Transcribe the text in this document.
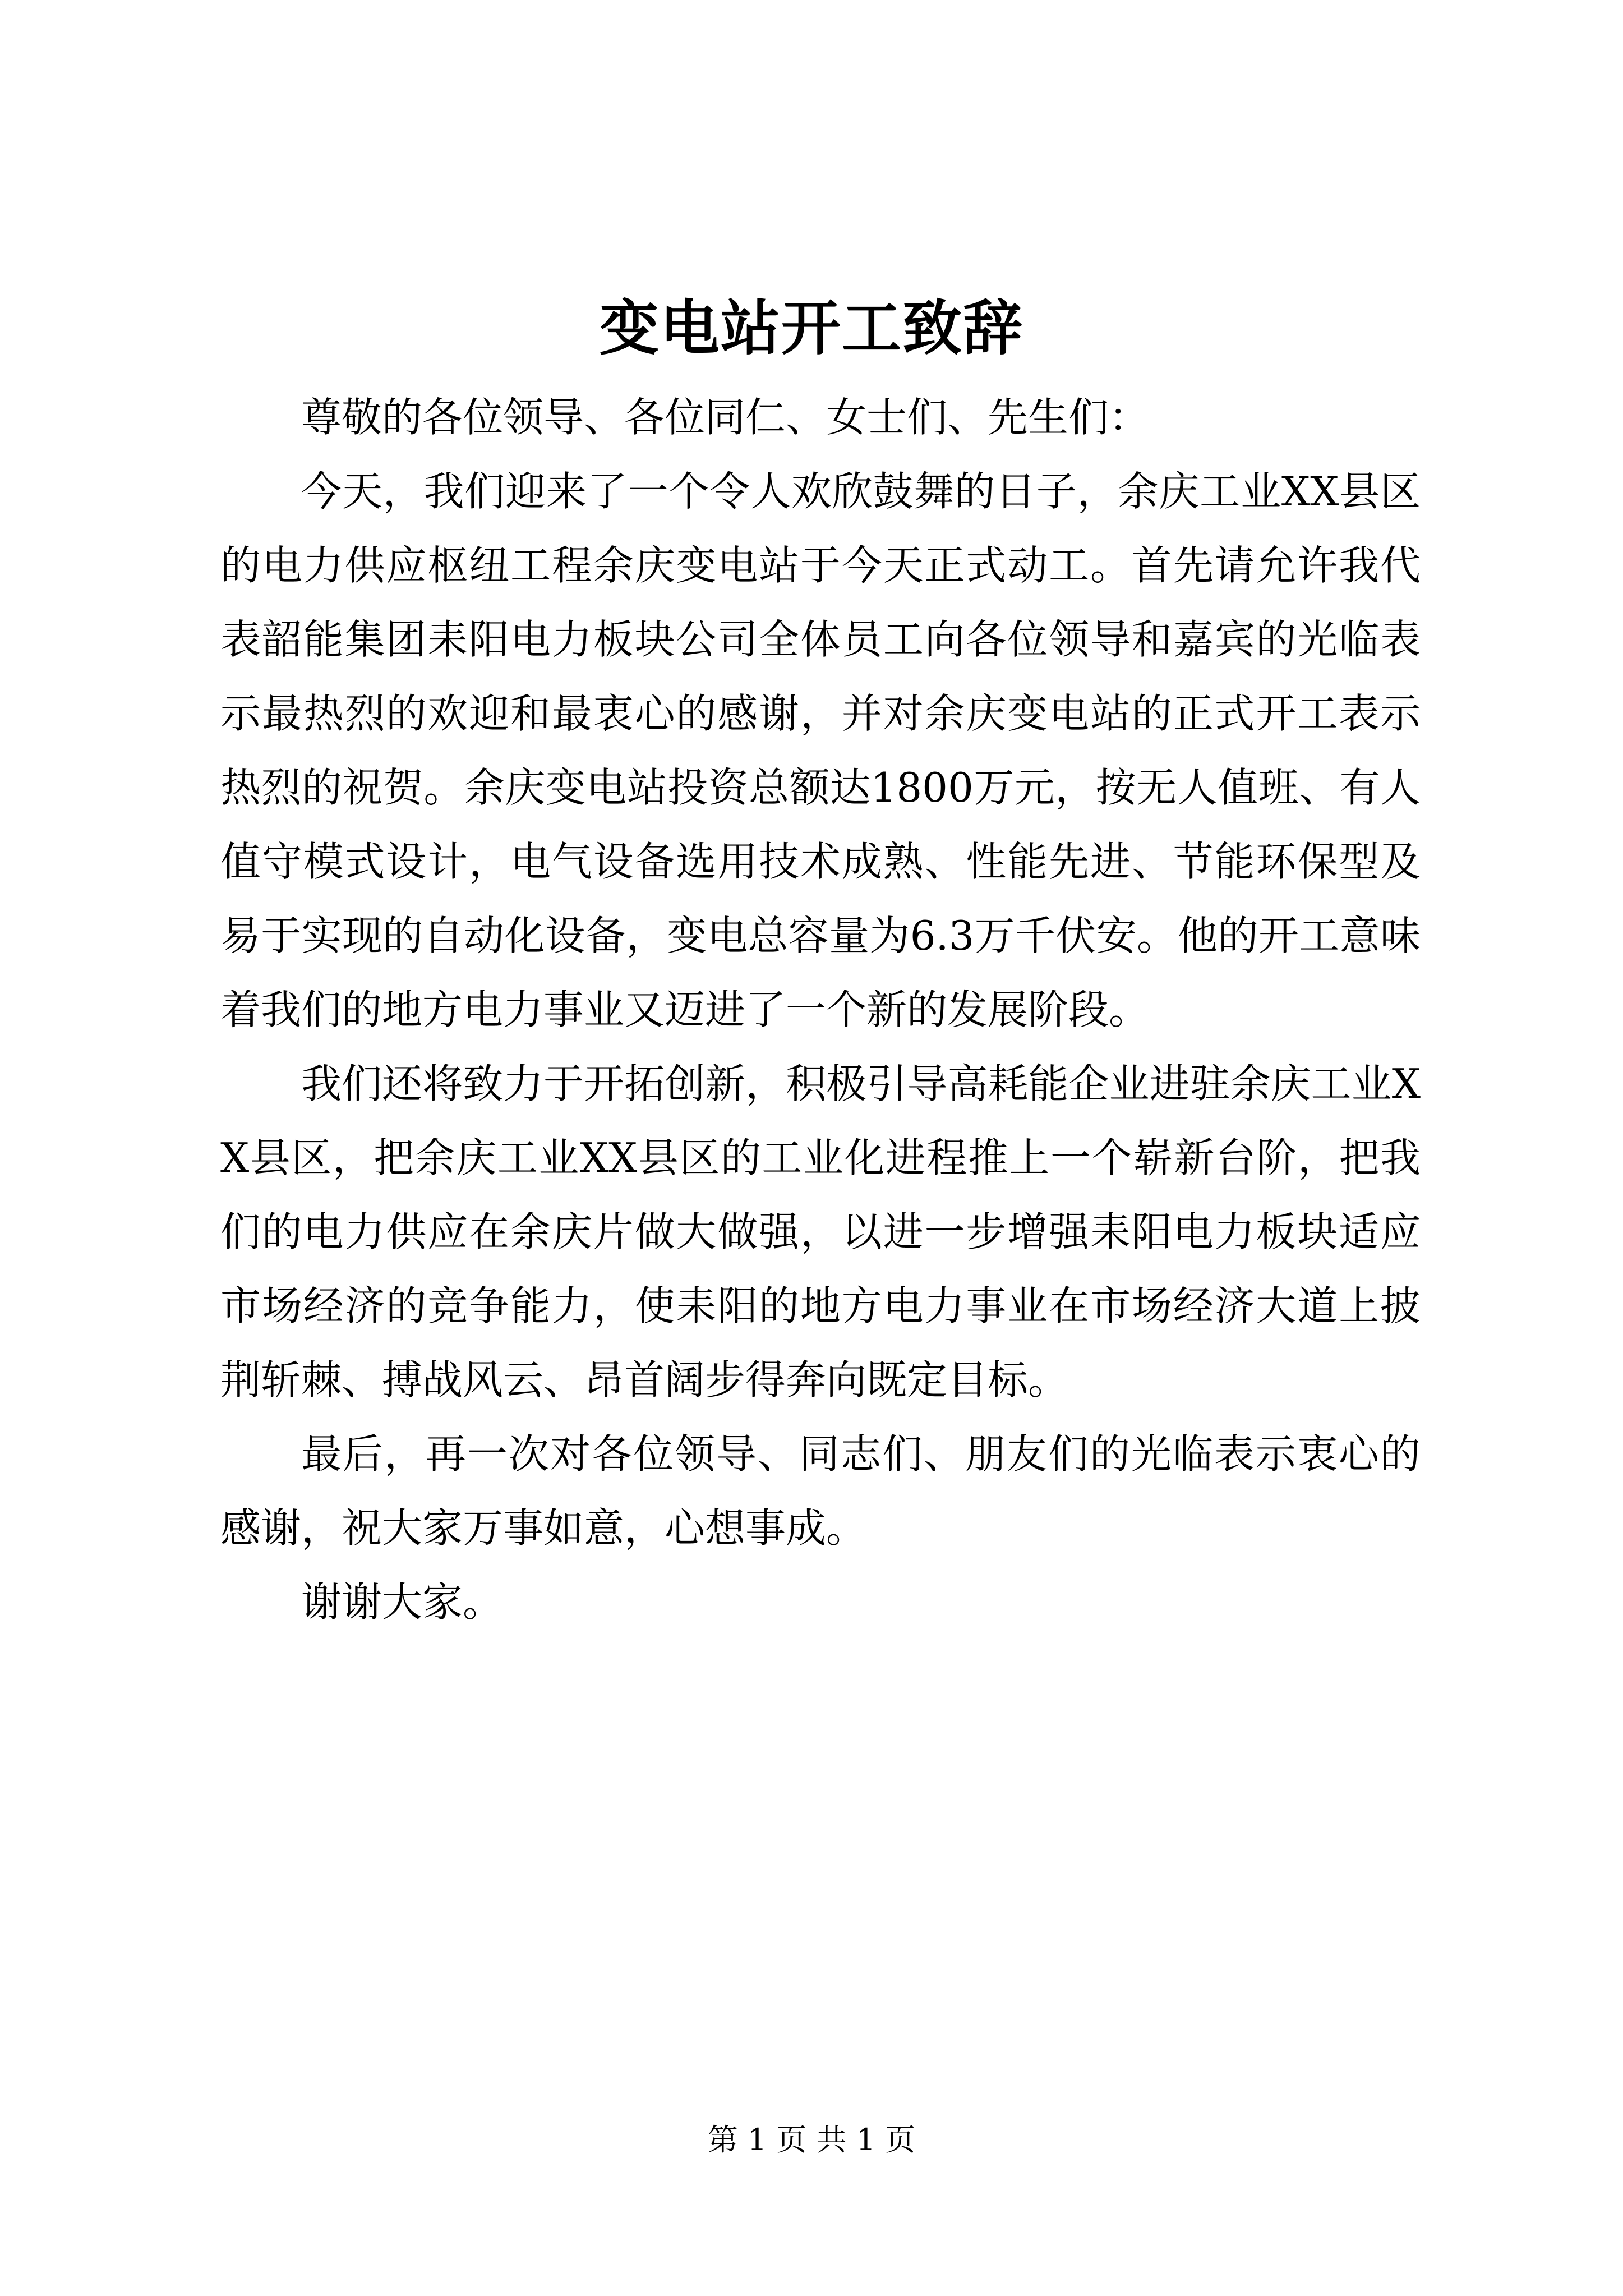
变电站开工致辞

尊敬的各位领导、各位同仁、女士们、先生们：

今天，我们迎来了一个令人欢欣鼓舞的日子，余庆工业XX县区的电力供应枢纽工程余庆变电站于今天正式动工。首先请允许我代表韶能集团耒阳电力板块公司全体员工向各位领导和嘉宾的光临表示最热烈的欢迎和最衷心的感谢，并对余庆变电站的正式开工表示热烈的祝贺。余庆变电站投资总额达1800万元，按无人值班、有人值守模式设计，电气设备选用技术成熟、性能先进、节能环保型及易于实现的自动化设备，变电总容量为6.3万千伏安。他的开工意味着我们的地方电力事业又迈进了一个新的发展阶段。

我们还将致力于开拓创新，积极引导高耗能企业进驻余庆工业XX县区，把余庆工业XX县区的工业化进程推上一个崭新台阶，把我们的电力供应在余庆片做大做强，以进一步增强耒阳电力板块适应市场经济的竞争能力，使耒阳的地方电力事业在市场经济大道上披荆斩棘、搏战风云、昂首阔步得奔向既定目标。

最后，再一次对各位领导、同志们、朋友们的光临表示衷心的感谢，祝大家万事如意，心想事成。

谢谢大家。

第 1 页 共 1 页
